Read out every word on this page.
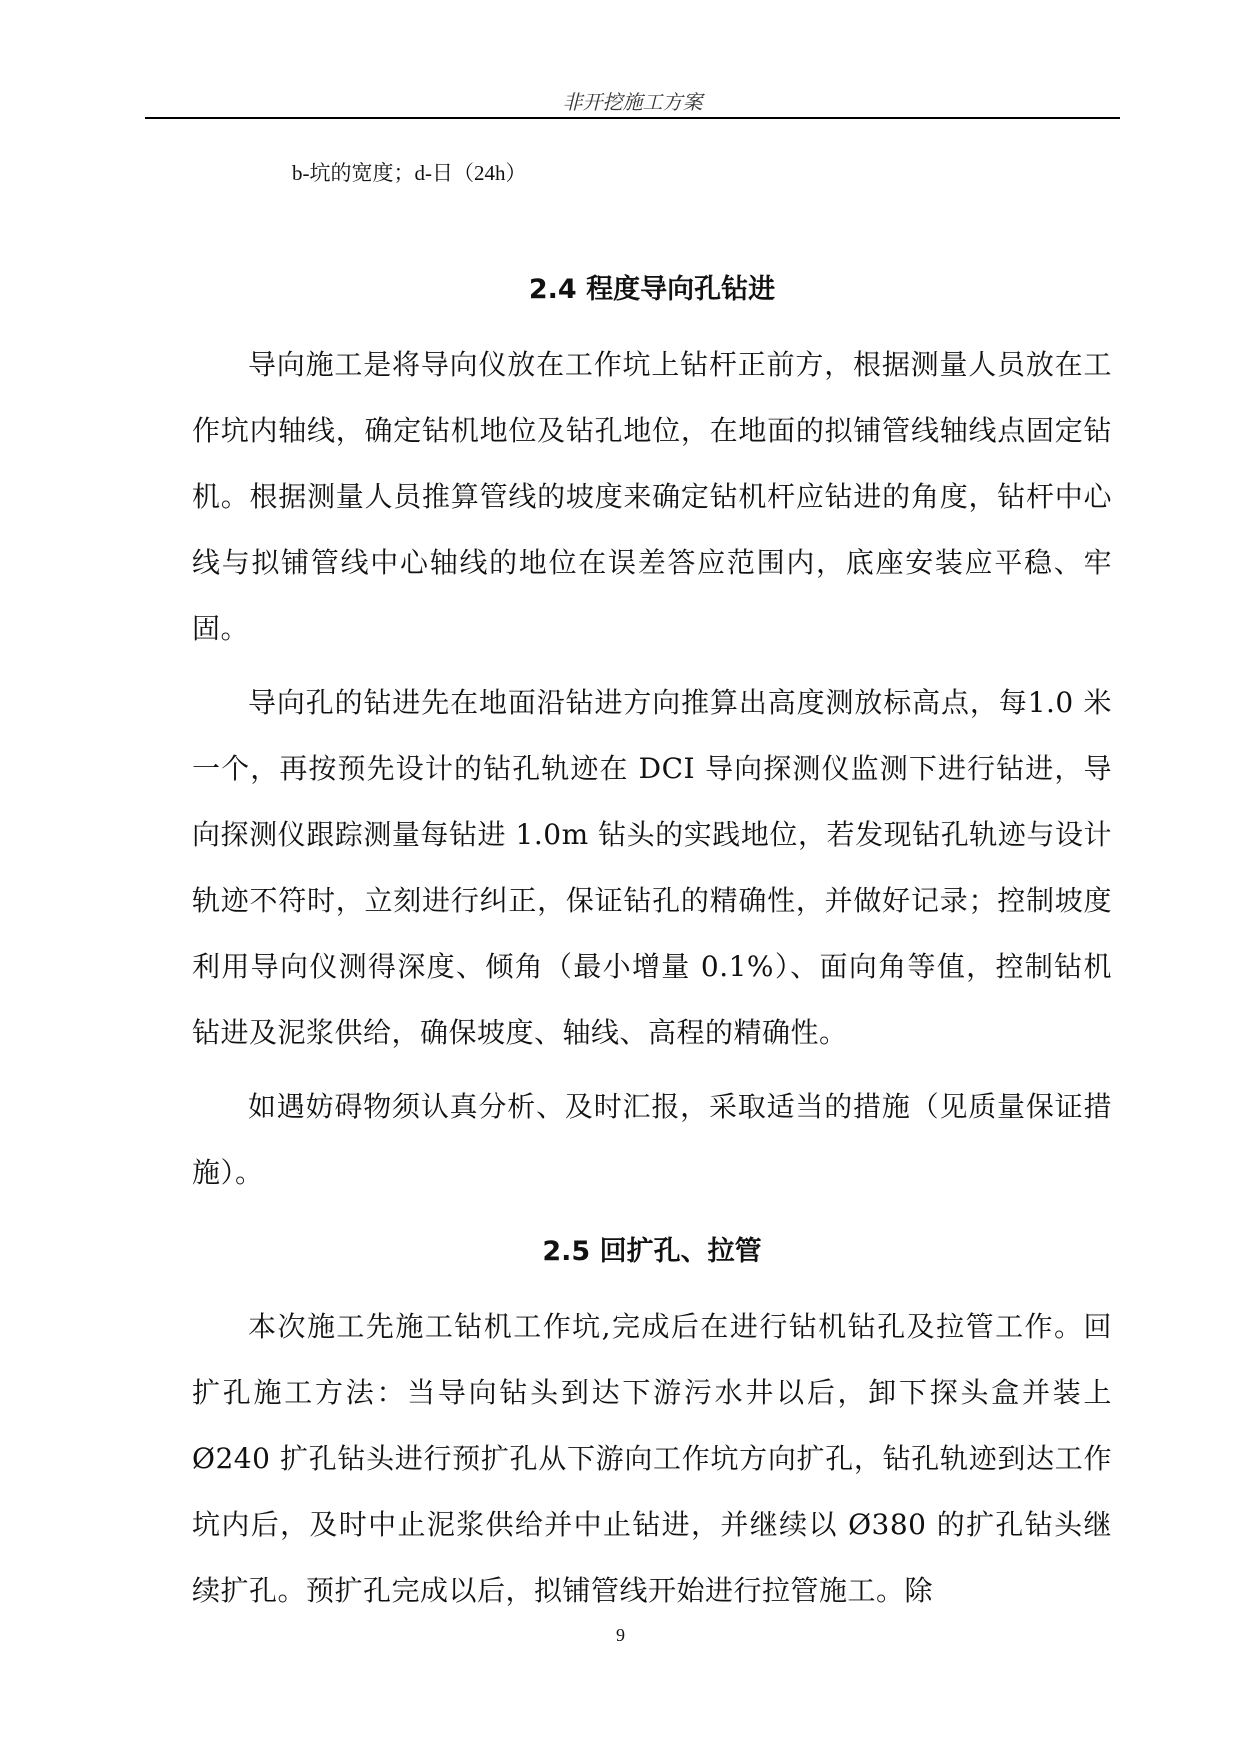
非开挖施工方案
b-坑的宽度；d-日（24h）
2.4 程度导向孔钻进

导向施工是将导向仪放在工作坑上钻杆正前方，根据测量人员放在工作坑内轴线，确定钻机地位及钻孔地位，在地面的拟铺管线轴线点固定钻机。根据测量人员推算管线的坡度来确定钻机杆应钻进的角度，钻杆中心线与拟铺管线中心轴线的地位在误差答应范围内，底座安装应平稳、牢固。

导向孔的钻进先在地面沿钻进方向推算出高度测放标高点，每1.0 米一个，再按预先设计的钻孔轨迹在 DCI 导向探测仪监测下进行钻进，导向探测仪跟踪测量每钻进 1.0m 钻头的实践地位，若发现钻孔轨迹与设计轨迹不符时，立刻进行纠正，保证钻孔的精确性，并做好记录；控制坡度利用导向仪测得深度、倾角（最小增量 0.1%）、面向角等值，控制钻机钻进及泥浆供给，确保坡度、轴线、高程的精确性。

如遇妨碍物须认真分析、及时汇报，采取适当的措施（见质量保证措施）。

2.5 回扩孔、拉管

本次施工先施工钻机工作坑,完成后在进行钻机钻孔及拉管工作。回扩孔施工方法：当导向钻头到达下游污水井以后，卸下探头盒并装上 Ø240 扩孔钻头进行预扩孔从下游向工作坑方向扩孔，钻孔轨迹到达工作坑内后，及时中止泥浆供给并中止钻进，并继续以 Ø380 的扩孔钻头继续扩孔。预扩孔完成以后，拟铺管线开始进行拉管施工。除

9
